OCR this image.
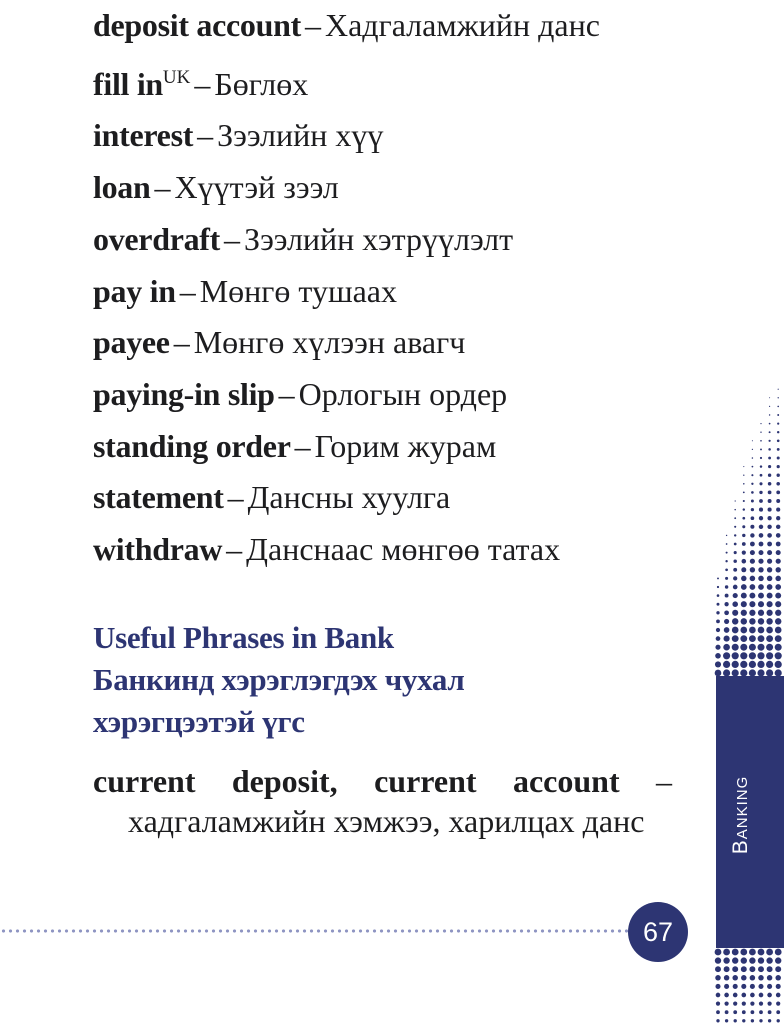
deposit account – Хадгаламжийн данс
fill $in^{UK}$ – Бөглөх
interest – Зээлийн хүү
loan – Хүүтэй зээл
overdraft – Зээлийн хэтрүүлэлт
pay in – Мөнгө тушаах
payee – Мөнгө хүлээн авагч
paying-in slip – Орлогын ордер
standing order – Горим журам
statement – Дансны хуулга
withdraw – Данснаас мөнгөө татах
Useful Phrases in Bank
Банкинд хэрэглэгдэх чухал
хэрэгцээтэй үгс
current deposit, current account –
хадгаламжийн хэмжээ, харилцах данс	Banking
67
